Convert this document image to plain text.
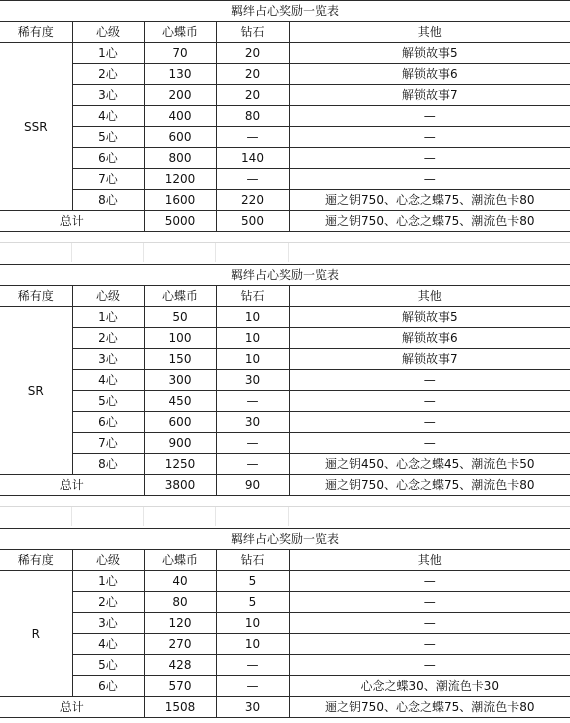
羁绊占心奖励一览表				
稀有度	心级	心蝶币	钻石	其他
SSR	1心	70	20	解锁故事5
	2心	130	20	解锁故事6
	3心	200	20	解锁故事7
	4心	400	80	—
	5心	600	—	—
	6心	800	140	—
	7心	1200	—	—
	8心	1600	220	逦之钥750、心念之蝶75、潮流色卡80
总计		5000	500	逦之钥750、心念之蝶75、潮流色卡80
羁绊占心奖励一览表				
稀有度	心级	心蝶币	钻石	其他
SR	1心	50	10	解锁故事5
	2心	100	10	解锁故事6
	3心	150	10	解锁故事7
	4心	300	30	—
	5心	450	—	—
	6心	600	30	—
	7心	900	—	—
	8心	1250	—	逦之钥450、心念之蝶45、潮流色卡50
总计		3800	90	逦之钥750、心念之蝶75、潮流色卡80
羁绊占心奖励一览表				
稀有度	心级	心蝶币	钻石	其他
R	1心	40	5	—
	2心	80	5	—
	3心	120	10	—
	4心	270	10	—
	5心	428	—	—
	6心	570	—	心念之蝶30、潮流色卡30
总计		1508	30	逦之钥750、心念之蝶75、潮流色卡80
